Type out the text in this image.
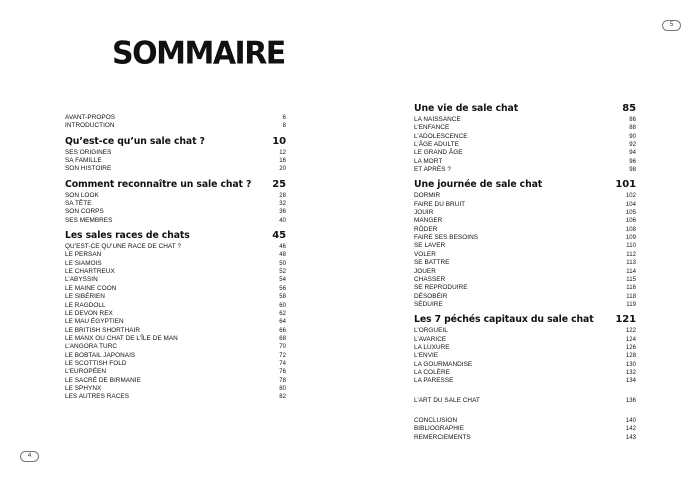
SOMMAIRE
AVANT-PROPOS	6
INTRODUCTION	8
Qu’est-ce qu’un sale chat ?	10
SES ORIGINES	12
SA FAMILLE	16
SON HISTOIRE	20
Comment reconnaître un sale chat ? 25
SON LOOK	28
SA TÊTE	32
SON CORPS	36
SES MEMBRES	40
Les sales races de chats	45
QU’EST-CE QU’UNE RACE DE CHAT ?	46
LE PERSAN	48
LE SIAMOIS	50
LE CHARTREUX	52
L’ABYSSIN	54
LE MAINE COON	56
LE SIBÉRIEN	58
LE RAGDOLL	60
LE DEVON REX	62
LE MAU ÉGYPTIEN	64
LE BRITISH SHORTHAIR	66
LE MANX OU CHAT DE L’ÎLE DE MAN	68
L’ANGORA TURC	70
LE BOBTAIL JAPONAIS	72
LE SCOTTISH FOLD	74
L’EUROPÉEN	76
LE SACRÉ DE BIRMANIE	78
LE SPHYNX	80
LES AUTRES RACES	82
4
5
Une vie de sale chat	85
LA NAISSANCE	86
L’ENFANCE	88
L’ADOLESCENCE	90
L’ÂGE ADULTE	92
LE GRAND ÂGE	94
LA MORT	96
ET APRÈS ?	98
Une journée de sale chat	101
DORMIR	102
FAIRE DU BRUIT	104
JOUIR	105
MANGER	106
RÔDER	108
FAIRE SES BESOINS	109
SE LAVER	110
VOLER	112
SE BATTRE	113
JOUER	114
CHASSER	115
SE REPRODUIRE	116
DÉSOBÉIR	118
SÉDUIRE	119
Les 7 péchés capitaux du sale chat 121
L’ORGUEIL	122
L’AVARICE	124
LA LUXURE	126
L’ENVIE	128
LA GOURMANDISE	130
LA COLÈRE	132
LA PARESSE	134
L’ART DU SALE CHAT	136
CONCLUSION	140
BIBLIOGRAPHIE	142
REMERCIEMENTS	143
